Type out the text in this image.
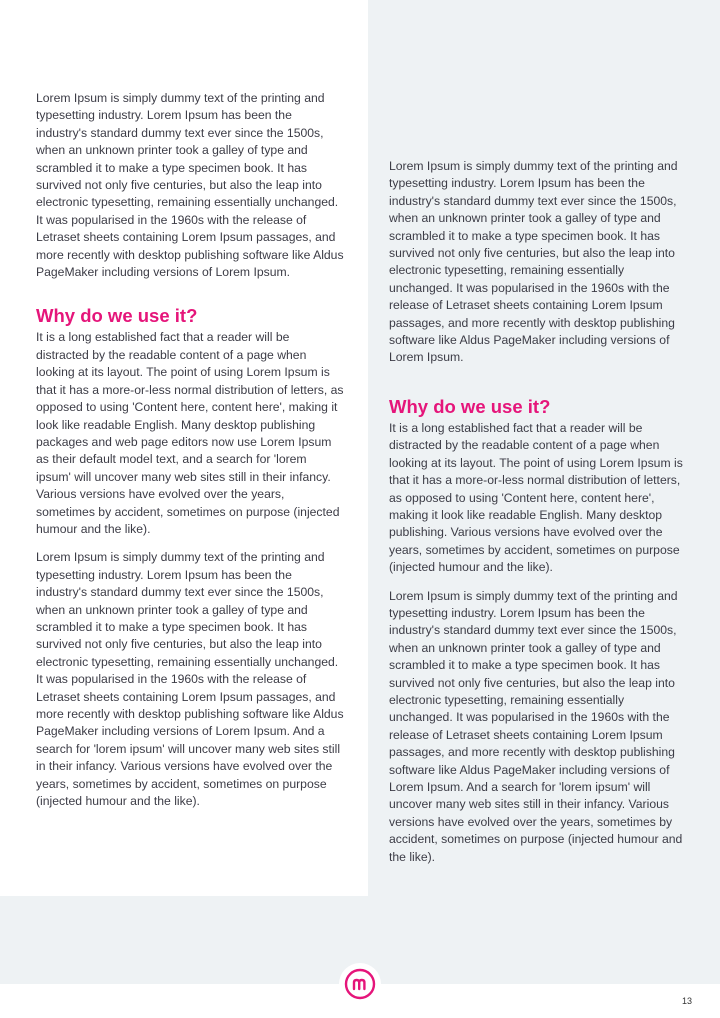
Lorem Ipsum is simply dummy text of the printing and typesetting industry. Lorem Ipsum has been the industry's standard dummy text ever since the 1500s, when an unknown printer took a galley of type and scrambled it to make a type specimen book. It has survived not only five centuries, but also the leap into electronic typesetting, remaining essentially unchanged. It was popularised in the 1960s with the release of Letraset sheets containing Lorem Ipsum passages, and more recently with desktop publishing software like Aldus PageMaker including versions of Lorem Ipsum.

Why do we use it?

It is a long established fact that a reader will be distracted by the readable content of a page when looking at its layout. The point of using Lorem Ipsum is that it has a more-or-less normal distribution of letters, as opposed to using 'Content here, content here', making it look like readable English. Many desktop publishing packages and web page editors now use Lorem Ipsum as their default model text, and a search for 'lorem ipsum' will uncover many web sites still in their infancy. Various versions have evolved over the years, sometimes by accident, sometimes on purpose (injected humour and the like).

Lorem Ipsum is simply dummy text of the printing and typesetting industry. Lorem Ipsum has been the industry's standard dummy text ever since the 1500s, when an unknown printer took a galley of type and scrambled it to make a type specimen book. It has survived not only five centuries, but also the leap into electronic typesetting, remaining essentially unchanged. It was popularised in the 1960s with the release of Letraset sheets containing Lorem Ipsum passages, and more recently with desktop publishing software like Aldus PageMaker including versions of Lorem Ipsum. And a search for 'lorem ipsum' will uncover many web sites still in their infancy. Various versions have evolved over the years, sometimes by accident, sometimes on purpose (injected humour and the like).

Lorem Ipsum is simply dummy text of the printing and typesetting industry. Lorem Ipsum has been the industry's standard dummy text ever since the 1500s, when an unknown printer took a galley of type and scrambled it to make a type specimen book. It has survived not only five centuries, but also the leap into electronic typesetting, remaining essentially unchanged. It was popularised in the 1960s with the release of Letraset sheets containing Lorem Ipsum passages, and more recently with desktop publishing software like Aldus PageMaker including versions of Lorem Ipsum.

Why do we use it?

It is a long established fact that a reader will be distracted by the readable content of a page when looking at its layout. The point of using Lorem Ipsum is that it has a more-or-less normal distribution of letters, as opposed to using 'Content here, content here', making it look like readable English. Many desktop publishing. Various versions have evolved over the years, sometimes by accident, sometimes on purpose (injected humour and the like).

Lorem Ipsum is simply dummy text of the printing and typesetting industry. Lorem Ipsum has been the industry's standard dummy text ever since the 1500s, when an unknown printer took a galley of type and scrambled it to make a type specimen book. It has survived not only five centuries, but also the leap into electronic typesetting, remaining essentially unchanged. It was popularised in the 1960s with the release of Letraset sheets containing Lorem Ipsum passages, and more recently with desktop publishing software like Aldus PageMaker including versions of Lorem Ipsum. And a search for 'lorem ipsum' will uncover many web sites still in their infancy. Various versions have evolved over the years, sometimes by accident, sometimes on purpose (injected humour and the like).

13
